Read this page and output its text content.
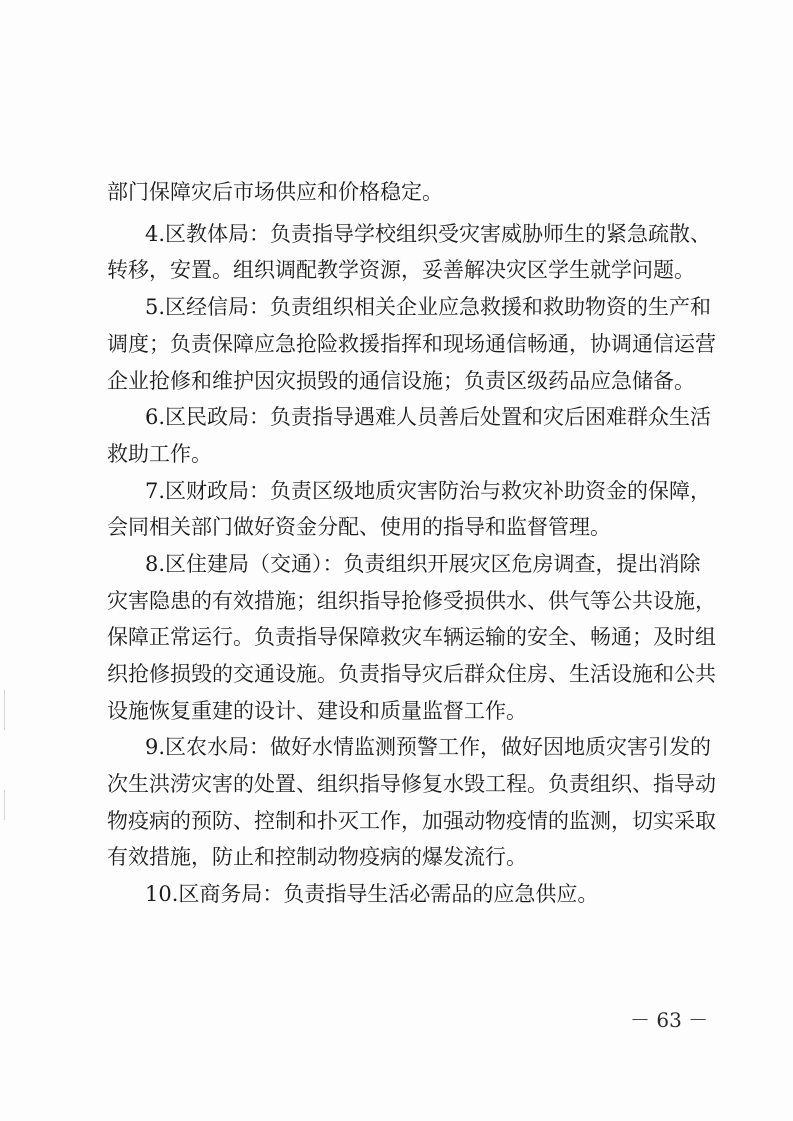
部门保障灾后市场供应和价格稳定。
4.区教体局：负责指导学校组织受灾害威胁师生的紧急疏散、
转移，安置。组织调配教学资源，妥善解决灾区学生就学问题。
5.区经信局：负责组织相关企业应急救援和救助物资的生产和
调度；负责保障应急抢险救援指挥和现场通信畅通，协调通信运营
企业抢修和维护因灾损毁的通信设施；负责区级药品应急储备。
6.区民政局：负责指导遇难人员善后处置和灾后困难群众生活
救助工作。
7.区财政局：负责区级地质灾害防治与救灾补助资金的保障，
会同相关部门做好资金分配、使用的指导和监督管理。
8.区住建局（交通）：负责组织开展灾区危房调查，提出消除
灾害隐患的有效措施；组织指导抢修受损供水、供气等公共设施，
保障正常运行。负责指导保障救灾车辆运输的安全、畅通；及时组
织抢修损毁的交通设施。负责指导灾后群众住房、生活设施和公共
设施恢复重建的设计、建设和质量监督工作。
9.区农水局：做好水情监测预警工作，做好因地质灾害引发的
次生洪涝灾害的处置、组织指导修复水毁工程。负责组织、指导动
物疫病的预防、控制和扑灭工作，加强动物疫情的监测，切实采取
有效措施，防止和控制动物疫病的爆发流行。
10.区商务局：负责指导生活必需品的应急供应。
－ 63 －
